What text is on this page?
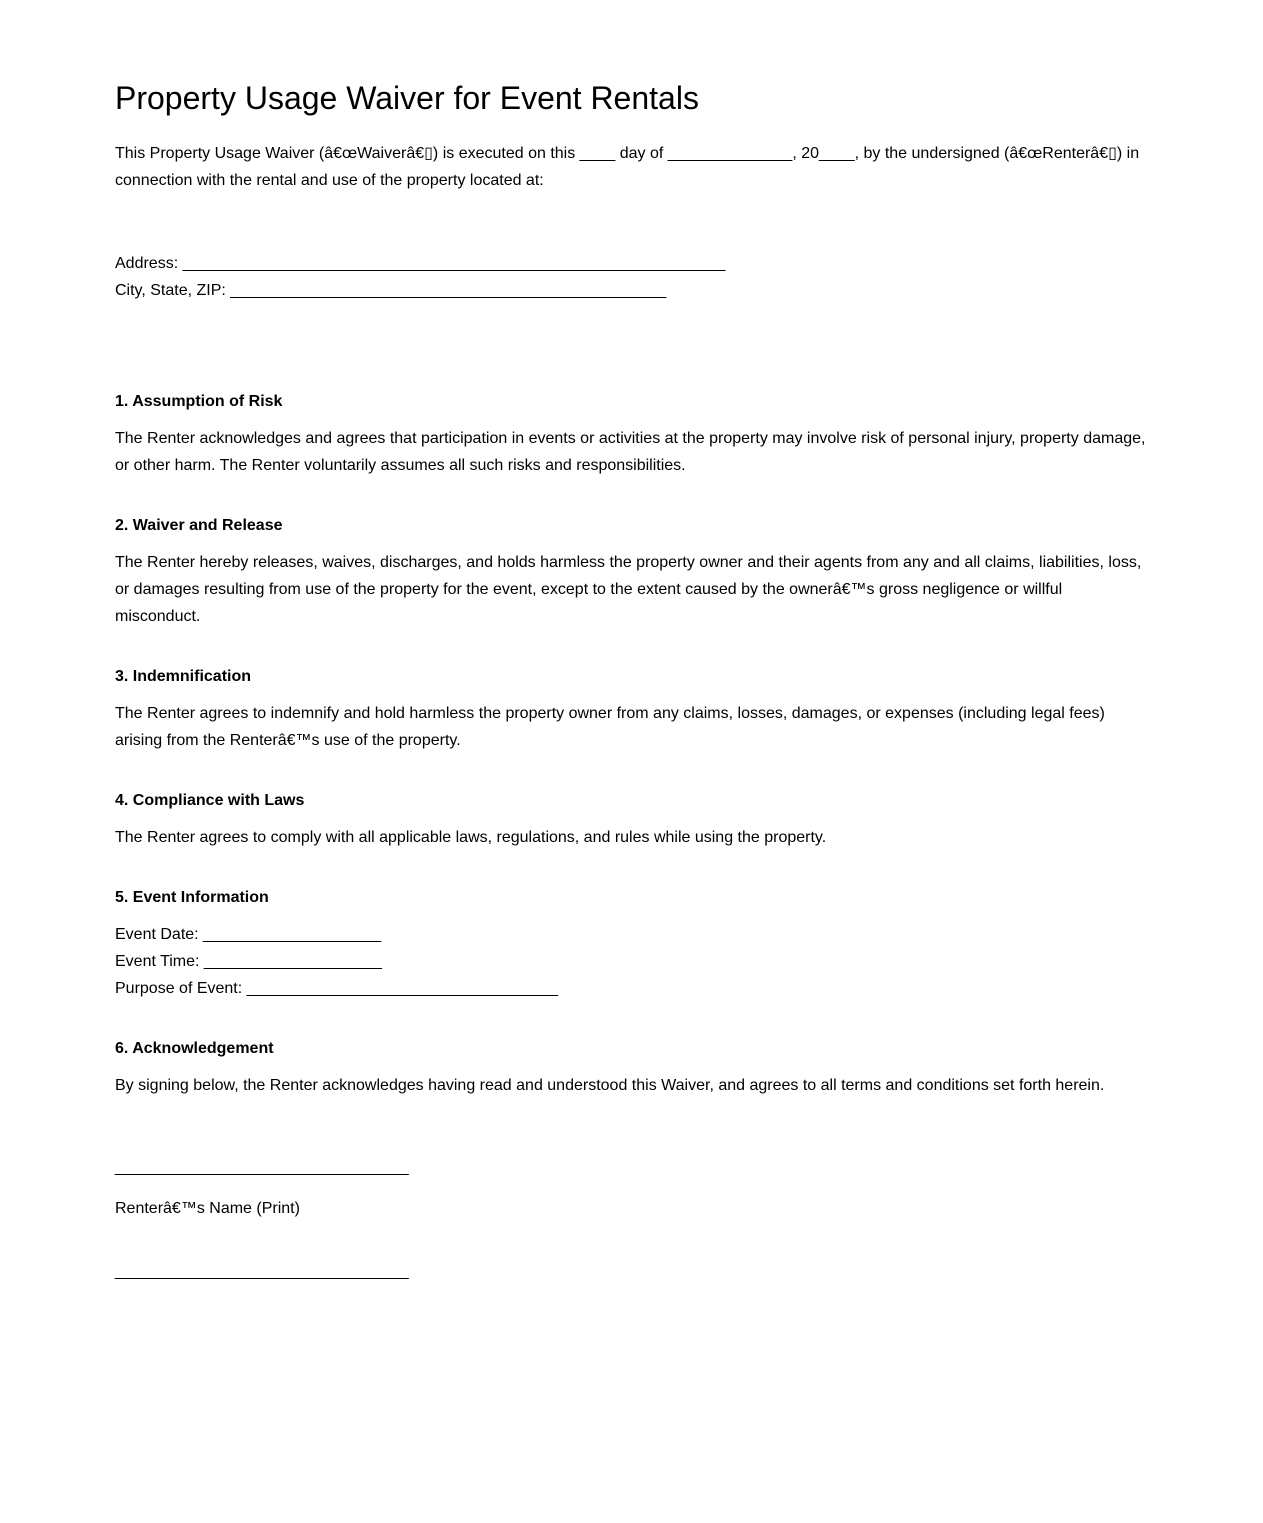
Property Usage Waiver for Event Rentals

This Property Usage Waiver (â€œWaiverâ€▯) is executed on this ____ day of ______________, 20____, by the undersigned (â€œRenterâ€▯) in connection with the rental and use of the property located at:

Address: _____________________________________________________________

City, State, ZIP: _________________________________________________

1. Assumption of Risk

The Renter acknowledges and agrees that participation in events or activities at the property may involve risk of personal injury, property damage, or other harm. The Renter voluntarily assumes all such risks and responsibilities.

2. Waiver and Release

The Renter hereby releases, waives, discharges, and holds harmless the property owner and their agents from any and all claims, liabilities, loss, or damages resulting from use of the property for the event, except to the extent caused by the ownerâ€™s gross negligence or willful misconduct.

3. Indemnification

The Renter agrees to indemnify and hold harmless the property owner from any claims, losses, damages, or expenses (including legal fees) arising from the Renterâ€™s use of the property.

4. Compliance with Laws

The Renter agrees to comply with all applicable laws, regulations, and rules while using the property.

5. Event Information

Event Date: ____________________

Event Time: ____________________

Purpose of Event: ___________________________________

6. Acknowledgement

By signing below, the Renter acknowledges having read and understood this Waiver, and agrees to all terms and conditions set forth herein.

_________________________________

Renterâ€™s Name (Print)

_________________________________
